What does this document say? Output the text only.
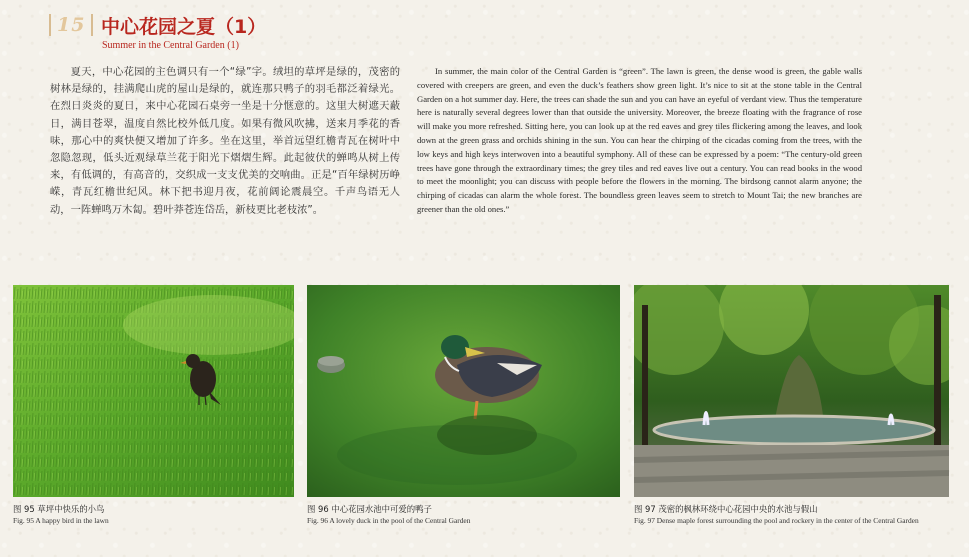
15 中心花园之夏（1）
Summer in the Central Garden (1)

夏天，中心花园的主色调只有一个“绿”字。绒坦的草坪是绿的，茂密的树林是绿的，挂满爬山虎的屋山是绿的，就连那只鸭子的羽毛都泛着绿光。在烈日炎炎的夏日，来中心花园石桌旁一坐是十分惬意的。这里大树遮天蔽日，满目苍翠，温度自然比校外低几度。如果有微风吹拂，送来月季花的香味，那心中的爽快便又增加了许多。坐在这里，举首远望红檐青瓦在树叶中忽隐忽现，低头近观绿草兰花于阳光下熠熠生辉。此起彼伏的蝉鸣从树上传来，有低调的，有高音的，交织成一支支优美的交响曲。正是“百年绿树历峥嵘，青瓦红檐世纪风。林下把书迎月夜，花前阔论震晨空。千声鸟语无人动，一阵蝉鸣万木匐。碧叶莽苍连岱岳，新枝更比老枝浓”。

In summer, the main color of the Central Garden is “green”. The lawn is green, the dense wood is green, the gable walls covered with creepers are green, and even the duck’s feathers show green light. It’s nice to sit at the stone table in the Central Garden on a hot summer day. Here, the trees can shade the sun and you can have an eyeful of verdant view. Thus the temperature here is naturally several degrees lower than that outside the university. Moreover, the breeze floating with the fragrance of rose will make you more refreshed. Sitting here, you can look up at the red eaves and grey tiles flickering among the leaves, and look down at the green grass and orchids shining in the sun. You can hear the chirping of the cicadas coming from the trees, with the low keys and high keys interwoven into a beautiful symphony. All of these can be expressed by a poem: “The century-old green trees have gone through the extraordinary times; the grey tiles and red eaves live out a century. You can read books in the wood to meet the moonlight; you can discuss with people before the flowers in the morning. The birdsong cannot alarm anyone; the chirping of cicadas can alarm the whole forest. The boundless green leaves seem to stretch to Mount Tai; the new branches are greener than the old ones.”

图 95 草坪中快乐的小鸟
Fig. 95 A happy bird in the lawn
图 96 中心花园水池中可爱的鸭子
Fig. 96 A lovely duck in the pool of the Central Garden
图 97 茂密的枫林环绕中心花园中央的水池与假山
Fig. 97 Dense maple forest surrounding the pool and rockery in the center of the Central Garden
